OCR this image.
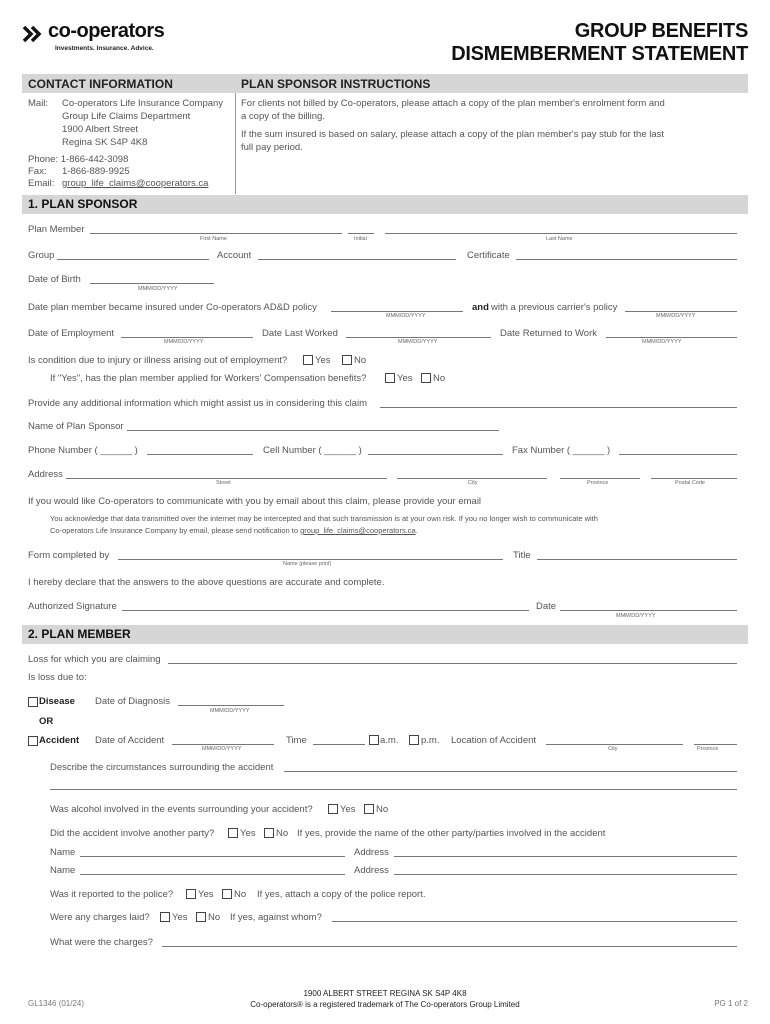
co-operators
Investments. Insurance. Advice.
GROUP BENEFITS
DISMEMBERMENT STATEMENT
CONTACT INFORMATION	PLAN SPONSOR INSTRUCTIONS
Mail: Co-operators Life Insurance Company
Group Life Claims Department
1900 Albert Street
Regina SK S4P 4K8
Phone: 1-866-442-3098
Fax: 1-866-889-9925
Email: group_life_claims@cooperators.ca
For clients not billed by Co-operators, please attach a copy of the plan member's enrolment form and
a copy of the billing.
If the sum insured is based on salary, please attach a copy of the plan member's pay stub for the last
full pay period.
1. PLAN SPONSOR
Plan Member
First Name	Initial	Last Name
Group	Account	Certificate
Date of Birth
MMM/DD/YYYY
Date plan member became insured under Co-operators AD&D policy
MMM/DD/YYYY
and with a previous carrier's policy
MMM/DD/YYYY
Date of Employment
MMM/DD/YYYY
Date Last Worked
MMM/DD/YYYY
Date Returned to Work
MMM/DD/YYYY
Is condition due to injury or illness arising out of employment?	Yes No
If "Yes", has the plan member applied for Workers' Compensation benefits?	Yes No
Provide any additional information which might assist us in considering this claim
Name of Plan Sponsor
Phone Number ( ______ )	Cell Number ( ______ )	Fax Number ( ______ )
Address
Street	City	Province	Postal Code
If you would like Co-operators to communicate with you by email about this claim, please provide your email
You acknowledge that data transmitted over the internet may be intercepted and that such transmission is at your own risk. If you no longer wish to communicate with
Co-operators Life Insurance Company by email, please send notification to group_life_claims@cooperators.ca.
Form completed by
Name (please print)
Title
I hereby declare that the answers to the above questions are accurate and complete.
Authorized Signature	Date
MMM/DD/YYYY
2. PLAN MEMBER
Loss for which you are claiming
Is loss due to:
Disease Date of Diagnosis
MMM/DD/YYYY
OR
Accident Date of Accident
MMM/DD/YYYY
Time	a.m. p.m. Location of Accident
City	Province
Describe the circumstances surrounding the accident
Was alcohol involved in the events surrounding your accident?	Yes No
Did the accident involve another party?	Yes No If yes, provide the name of the other party/parties involved in the accident
Name	Address
Name	Address
Was it reported to the police?	Yes No If yes, attach a copy of the police report.
Were any charges laid? Yes No If yes, against whom?
What were the charges?
GL1346 (01/24)
1900 ALBERT STREET REGINA SK S4P 4K8
Co-operators® is a registered trademark of The Co-operators Group Limited	PG 1 of 2
